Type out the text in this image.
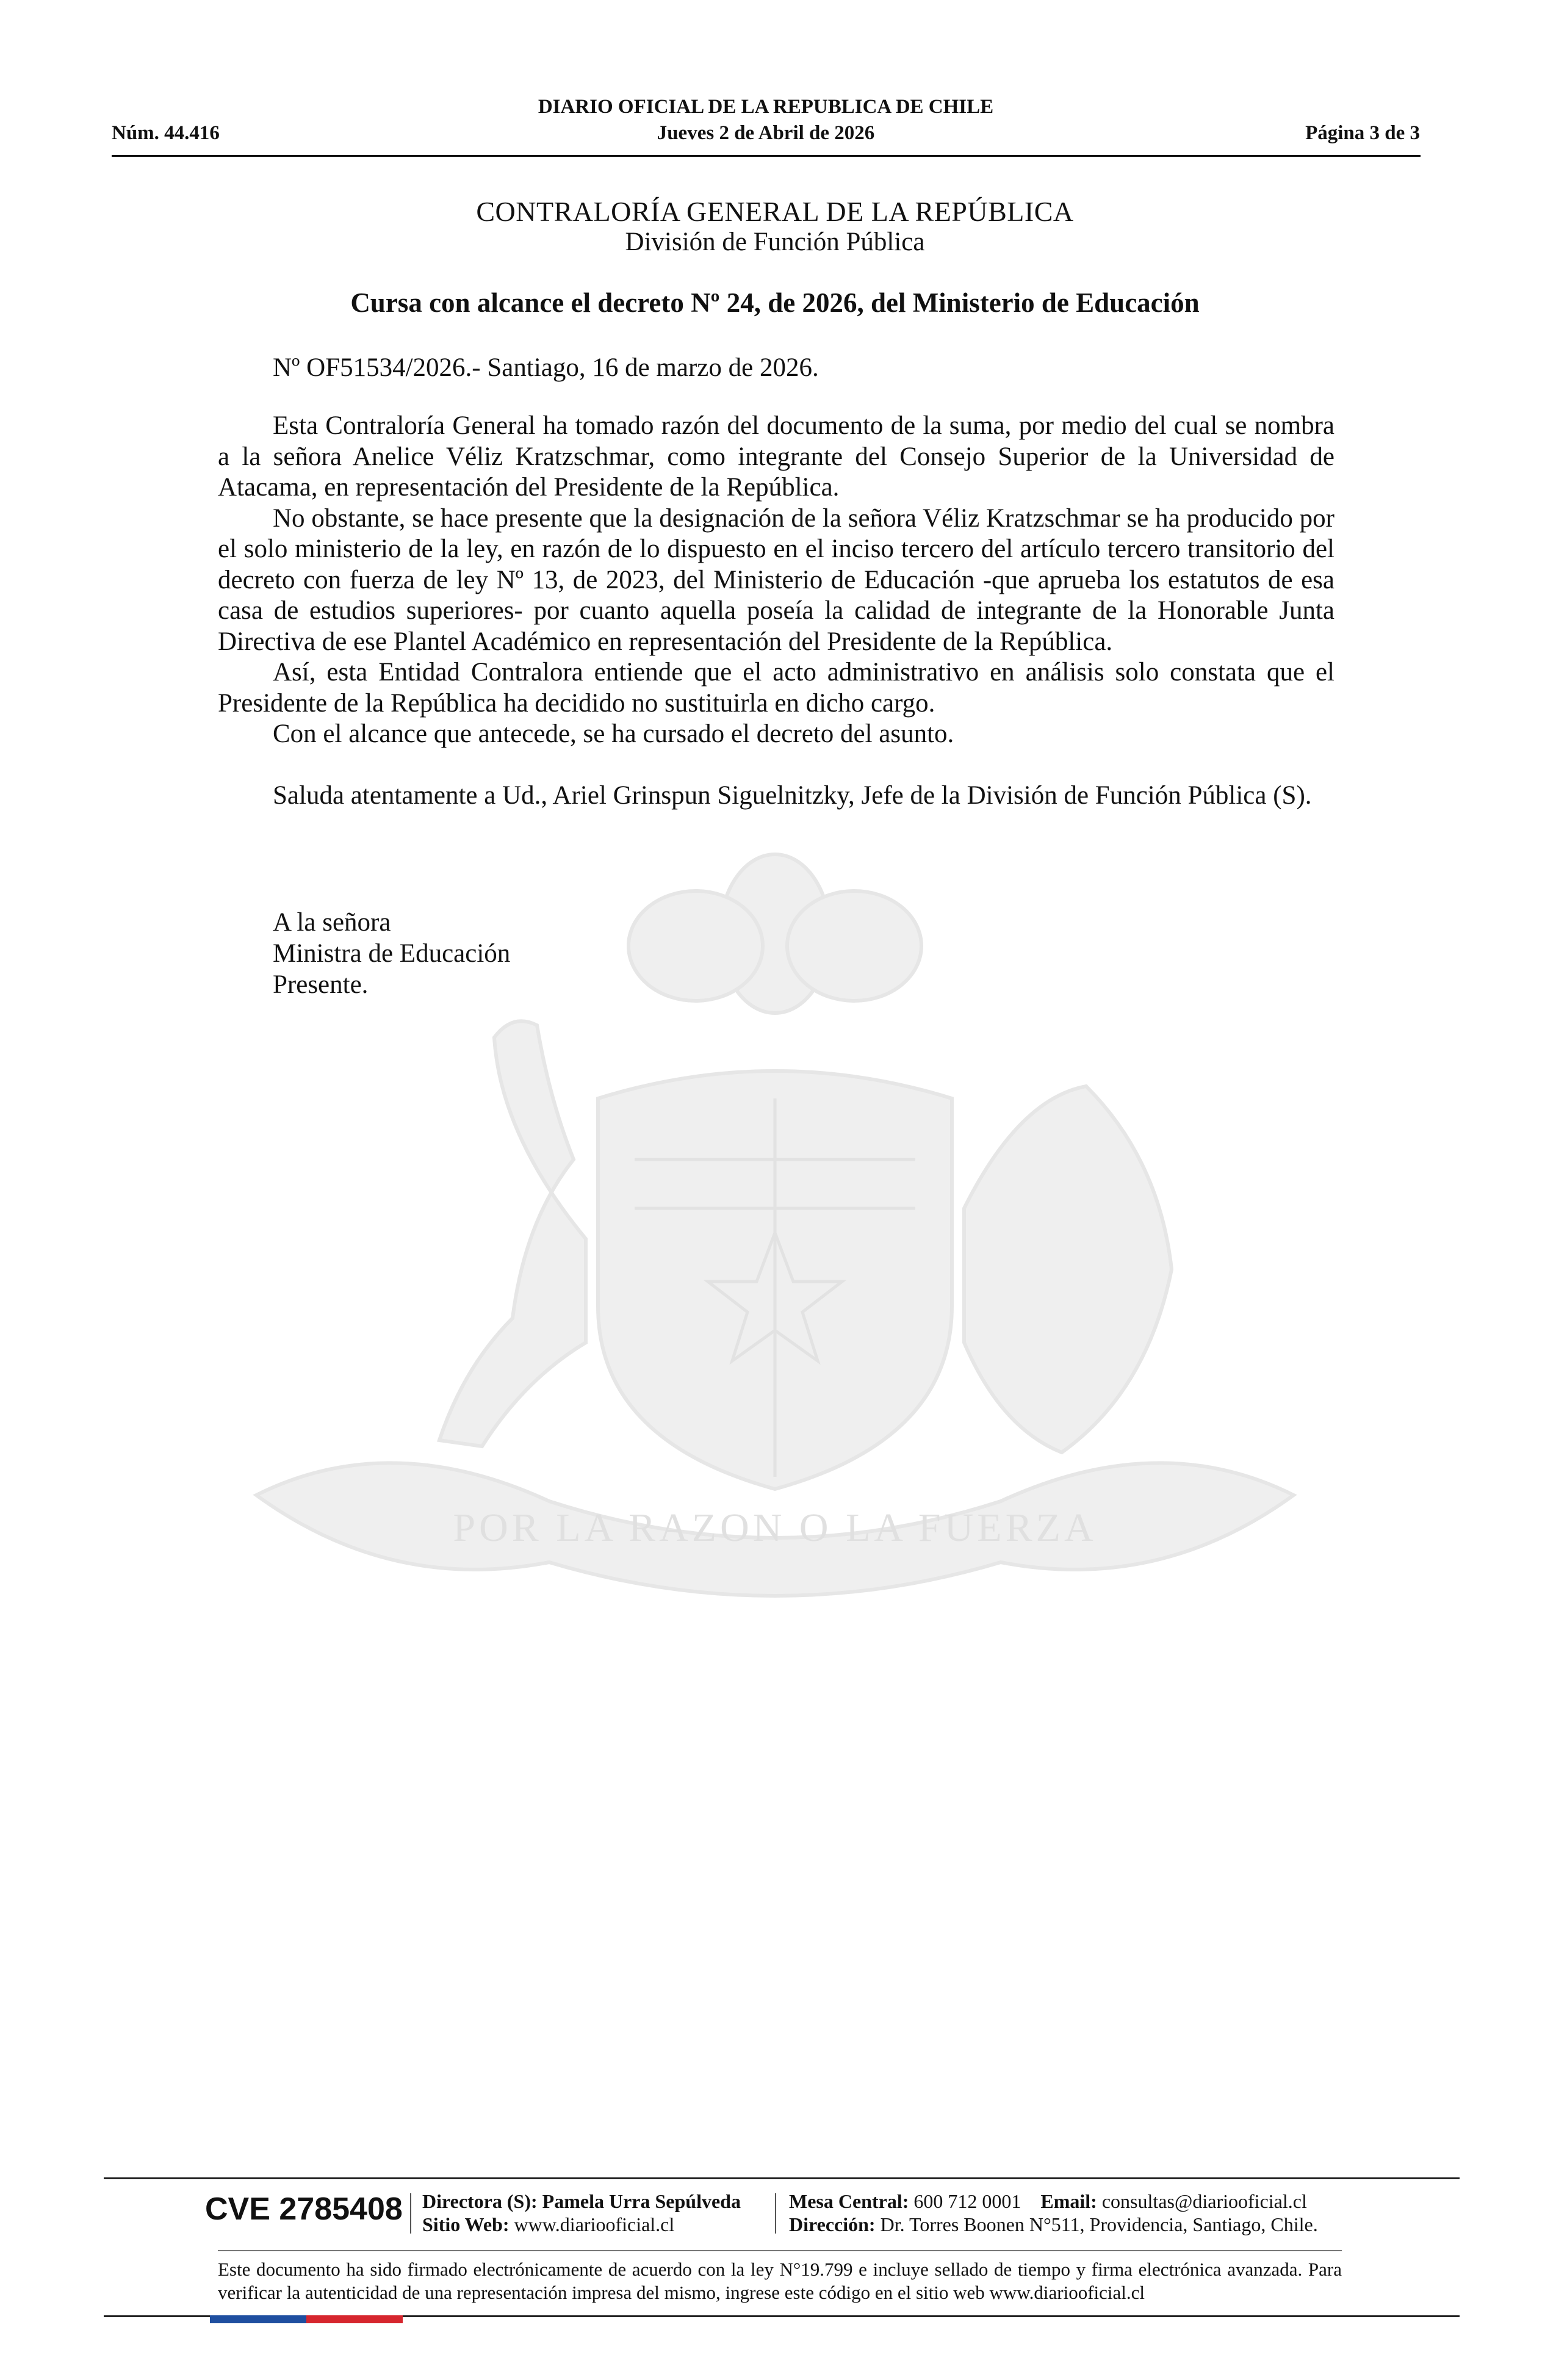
POR LA RAZON O LA FUERZA
Núm. 44.416
DIARIO OFICIAL DE LA REPUBLICA DE CHILE
Jueves 2 de Abril de 2026	Página 3 de 3
CONTRALORÍA GENERAL DE LA REPÚBLICA
División de Función Pública
Cursa con alcance el decreto Nº 24, de 2026, del Ministerio de Educación
Nº OF51534/2026.- Santiago, 16 de marzo de 2026.

Esta Contraloría General ha tomado razón del documento de la suma, por medio del cual se nombra a la señora Anelice Véliz Kratzschmar, como integrante del Consejo Superior de la Universidad de Atacama, en representación del Presidente de la República.

No obstante, se hace presente que la designación de la señora Véliz Kratzschmar se ha producido por el solo ministerio de la ley, en razón de lo dispuesto en el inciso tercero del artículo tercero transitorio del decreto con fuerza de ley Nº 13, de 2023, del Ministerio de Educación -que aprueba los estatutos de esa casa de estudios superiores- por cuanto aquella poseía la calidad de integrante de la Honorable Junta Directiva de ese Plantel Académico en representación del Presidente de la República.

Así, esta Entidad Contralora entiende que el acto administrativo en análisis solo constata que el Presidente de la República ha decidido no sustituirla en dicho cargo.

Con el alcance que antecede, se ha cursado el decreto del asunto.

Saluda atentamente a Ud., Ariel Grinspun Siguelnitzky, Jefe de la División de Función Pública (S).

A la señora
Ministra de Educación
Presente.
CVE 2785408 Directora (S): Pamela Urra Sepúlveda
Sitio Web: www.diariooficial.cl
Mesa Central: 600 712 0001 Email: consultas@diariooficial.cl
Dirección: Dr. Torres Boonen N°511, Providencia, Santiago, Chile.
Este documento ha sido firmado electrónicamente de acuerdo con la ley N°19.799 e incluye sellado de tiempo y firma electrónica avanzada. Para verificar la autenticidad de una representación impresa del mismo, ingrese este código en el sitio web www.diariooficial.cl
